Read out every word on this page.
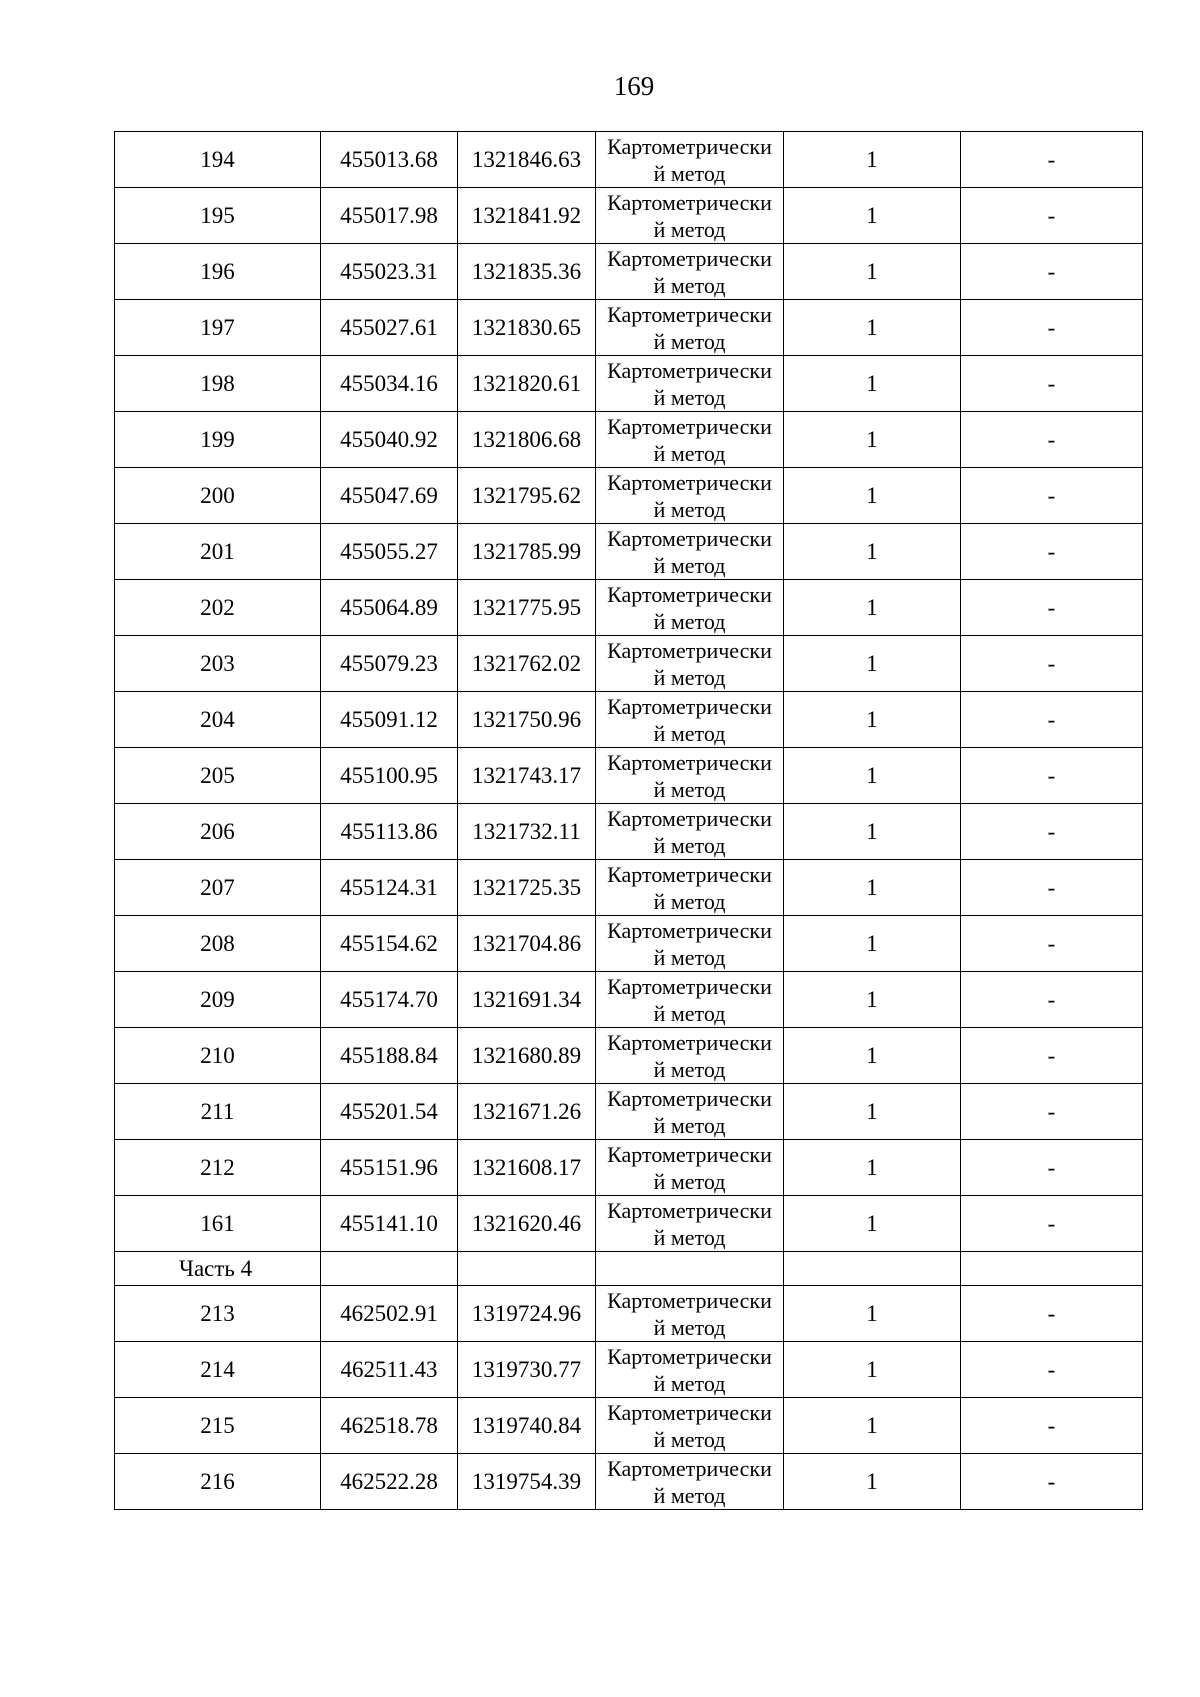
169
194	455013.68	1321846.63	Картометрически
й метод	1	-
195	455017.98	1321841.92	Картометрически
й метод	1	-
196	455023.31	1321835.36	Картометрически
й метод	1	-
197	455027.61	1321830.65	Картометрически
й метод	1	-
198	455034.16	1321820.61	Картометрически
й метод	1	-
199	455040.92	1321806.68	Картометрически
й метод	1	-
200	455047.69	1321795.62	Картометрически
й метод	1	-
201	455055.27	1321785.99	Картометрически
й метод	1	-
202	455064.89	1321775.95	Картометрически
й метод	1	-
203	455079.23	1321762.02	Картометрически
й метод	1	-
204	455091.12	1321750.96	Картометрически
й метод	1	-
205	455100.95	1321743.17	Картометрически
й метод	1	-
206	455113.86	1321732.11	Картометрически
й метод	1	-
207	455124.31	1321725.35	Картометрически
й метод	1	-
208	455154.62	1321704.86	Картометрически
й метод	1	-
209	455174.70	1321691.34	Картометрически
й метод	1	-
210	455188.84	1321680.89	Картометрически
й метод	1	-
211	455201.54	1321671.26	Картометрически
й метод	1	-
212	455151.96	1321608.17	Картометрически
й метод	1	-
161	455141.10	1321620.46	Картометрически
й метод	1	-
Часть 4					
213	462502.91	1319724.96	Картометрически
й метод	1	-
214	462511.43	1319730.77	Картометрически
й метод	1	-
215	462518.78	1319740.84	Картометрически
й метод	1	-
216	462522.28	1319754.39	Картометрически
й метод	1	-
